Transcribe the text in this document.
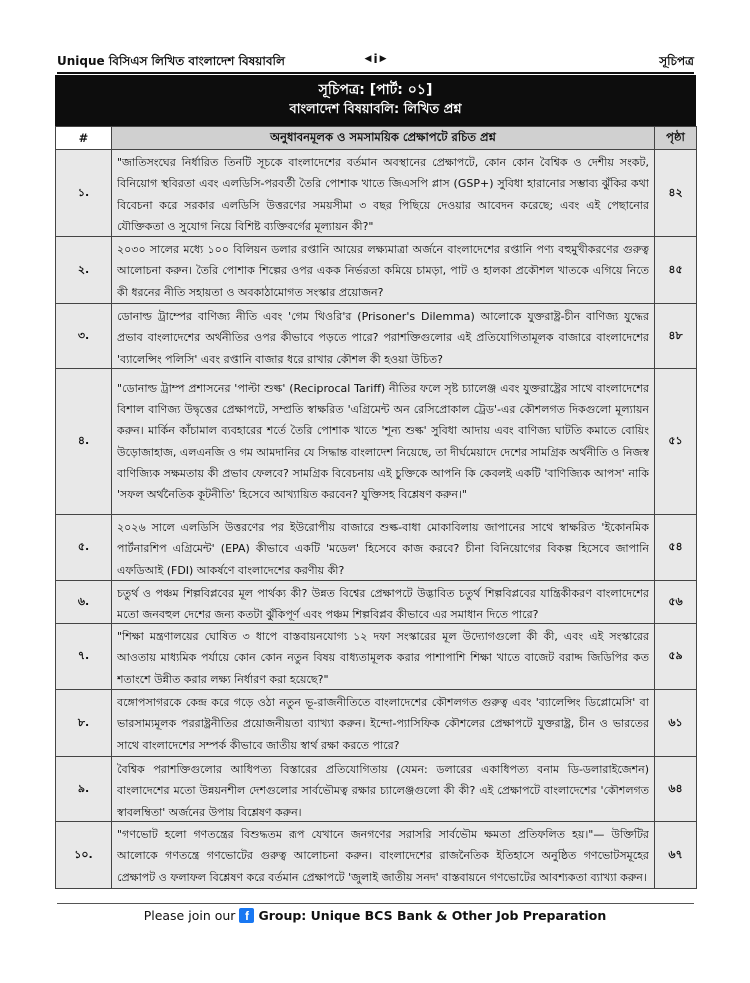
Unique বিসিএস লিখিত বাংলাদেশ বিষয়াবলি	◀ i ▶	সূচিপত্র
সূচিপত্র: [পার্ট: ০১]
বাংলাদেশ বিষয়াবলি: লিখিত প্রশ্ন
#	অনুধাবনমূলক ও সমসাময়িক প্রেক্ষাপটে রচিত প্রশ্ন	পৃষ্ঠা
১.	"জাতিসংঘের নির্ধারিত তিনটি সূচকে বাংলাদেশের বর্তমান অবস্থানের প্রেক্ষাপটে, কোন কোন বৈশ্বিক ও দেশীয় সংকট, বিনিয়োগ স্থবিরতা এবং এলডিসি-পরবর্তী তৈরি পোশাক খাতে জিএসপি প্লাস (GSP+) সুবিধা হারানোর সম্ভাব্য ঝুঁকির কথা বিবেচনা করে সরকার এলডিসি উত্তরণের সময়সীমা ৩ বছর পিছিয়ে দেওয়ার আবেদন করেছে; এবং এই পেছানোর যৌক্তিকতা ও সুযোগ নিয়ে বিশিষ্ট ব্যক্তিবর্গের মূল্যায়ন কী?"	৪২
২.	২০৩০ সালের মধ্যে ১০০ বিলিয়ন ডলার রপ্তানি আয়ের লক্ষ্যমাত্রা অর্জনে বাংলাদেশের রপ্তানি পণ্য বহুমুখীকরণের গুরুত্ব আলোচনা করুন। তৈরি পোশাক শিল্পের ওপর একক নির্ভরতা কমিয়ে চামড়া, পাট ও হালকা প্রকৌশল খাতকে এগিয়ে নিতে কী ধরনের নীতি সহায়তা ও অবকাঠামোগত সংস্কার প্রয়োজন?	৪৫
৩.	ডোনাল্ড ট্রাম্পের বাণিজ্য নীতি এবং 'গেম থিওরি'র (Prisoner's Dilemma) আলোকে যুক্তরাষ্ট্র-চীন বাণিজ্য যুদ্ধের প্রভাব বাংলাদেশের অর্থনীতির ওপর কীভাবে পড়তে পারে? পরাশক্তিগুলোর এই প্রতিযোগিতামূলক বাজারে বাংলাদেশের 'ব্যালেন্সিং পলিসি' এবং রপ্তানি বাজার ধরে রাখার কৌশল কী হওয়া উচিত?	৪৮
৪.	"ডোনাল্ড ট্রাম্প প্রশাসনের 'পাল্টা শুল্ক' (Reciprocal Tariff) নীতির ফলে সৃষ্ট চ্যালেঞ্জ এবং যুক্তরাষ্ট্রের সাথে বাংলাদেশের বিশাল বাণিজ্য উদ্বৃত্তের প্রেক্ষাপটে, সম্প্রতি স্বাক্ষরিত 'এগ্রিমেন্ট অন রেসিপ্রোকাল ট্রেড'-এর কৌশলগত দিকগুলো মূল্যায়ন করুন। মার্কিন কাঁচামাল ব্যবহারের শর্তে তৈরি পোশাক খাতে 'শূন্য শুল্ক' সুবিধা আদায় এবং বাণিজ্য ঘাটতি কমাতে বোয়িং উড়োজাহাজ, এলএনজি ও গম আমদানির যে সিদ্ধান্ত বাংলাদেশ নিয়েছে, তা দীর্ঘমেয়াদে দেশের সামগ্রিক অর্থনীতি ও নিজস্ব বাণিজ্যিক সক্ষমতায় কী প্রভাব ফেলবে? সামগ্রিক বিবেচনায় এই চুক্তিকে আপনি কি কেবলই একটি 'বাণিজ্যিক আপস' নাকি 'সফল অর্থনৈতিক কূটনীতি' হিসেবে আখ্যায়িত করবেন? যুক্তিসহ বিশ্লেষণ করুন।"	৫১
৫.	২০২৬ সালে এলডিসি উত্তরণের পর ইউরোপীয় বাজারে শুল্ক-বাধা মোকাবিলায় জাপানের সাথে স্বাক্ষরিত 'ইকোনমিক পার্টনারশিপ এগ্রিমেন্ট' (EPA) কীভাবে একটি 'মডেল' হিসেবে কাজ করবে? চীনা বিনিয়োগের বিকল্প হিসেবে জাপানি এফডিআই (FDI) আকর্ষণে বাংলাদেশের করণীয় কী?	৫৪
৬.	চতুর্থ ও পঞ্চম শিল্পবিপ্লবের মূল পার্থক্য কী? উন্নত বিশ্বের প্রেক্ষাপটে উদ্ভাবিত চতুর্থ শিল্পবিপ্লবের যান্ত্রিকীকরণ বাংলাদেশের মতো জনবহুল দেশের জন্য কতটা ঝুঁকিপূর্ণ এবং পঞ্চম শিল্পবিপ্লব কীভাবে এর সমাধান দিতে পারে?	৫৬
৭.	"শিক্ষা মন্ত্রণালয়ের ঘোষিত ৩ ধাপে বাস্তবায়নযোগ্য ১২ দফা সংস্কারের মূল উদ্যোগগুলো কী কী, এবং এই সংস্কারের আওতায় মাধ্যমিক পর্যায়ে কোন কোন নতুন বিষয় বাধ্যতামূলক করার পাশাপাশি শিক্ষা খাতে বাজেট বরাদ্দ জিডিপির কত শতাংশে উন্নীত করার লক্ষ্য নির্ধারণ করা হয়েছে?"	৫৯
৮.	বঙ্গোপসাগরকে কেন্দ্র করে গড়ে ওঠা নতুন ভূ-রাজনীতিতে বাংলাদেশের কৌশলগত গুরুত্ব এবং 'ব্যালেন্সিং ডিপ্লোমেসি' বা ভারসাম্যমূলক পররাষ্ট্রনীতির প্রয়োজনীয়তা ব্যাখ্যা করুন। ইন্দো-প্যাসিফিক কৌশলের প্রেক্ষাপটে যুক্তরাষ্ট্র, চীন ও ভারতের সাথে বাংলাদেশের সম্পর্ক কীভাবে জাতীয় স্বার্থ রক্ষা করতে পারে?	৬১
৯.	বৈশ্বিক পরাশক্তিগুলোর আধিপত্য বিস্তারের প্রতিযোগিতায় (যেমন: ডলারের একাধিপত্য বনাম ডি-ডলারাইজেশন) বাংলাদেশের মতো উন্নয়নশীল দেশগুলোর সার্বভৌমত্ব রক্ষার চ্যালেঞ্জগুলো কী কী? এই প্রেক্ষাপটে বাংলাদেশের 'কৌশলগত স্বাবলম্বিতা' অর্জনের উপায় বিশ্লেষণ করুন।	৬৪
১০.	"গণভোট হলো গণতন্ত্রের বিশুদ্ধতম রূপ যেখানে জনগণের সরাসরি সার্বভৌম ক্ষমতা প্রতিফলিত হয়।"— উক্তিটির আলোকে গণতন্ত্রে গণভোটের গুরুত্ব আলোচনা করুন। বাংলাদেশের রাজনৈতিক ইতিহাসে অনুষ্ঠিত গণভোটসমূহের প্রেক্ষাপট ও ফলাফল বিশ্লেষণ করে বর্তমান প্রেক্ষাপটে 'জুলাই জাতীয় সনদ' বাস্তবায়নে গণভোটের আবশ্যকতা ব্যাখ্যা করুন।	৬৭
Please join our f Group: Unique BCS Bank & Other Job Preparation
